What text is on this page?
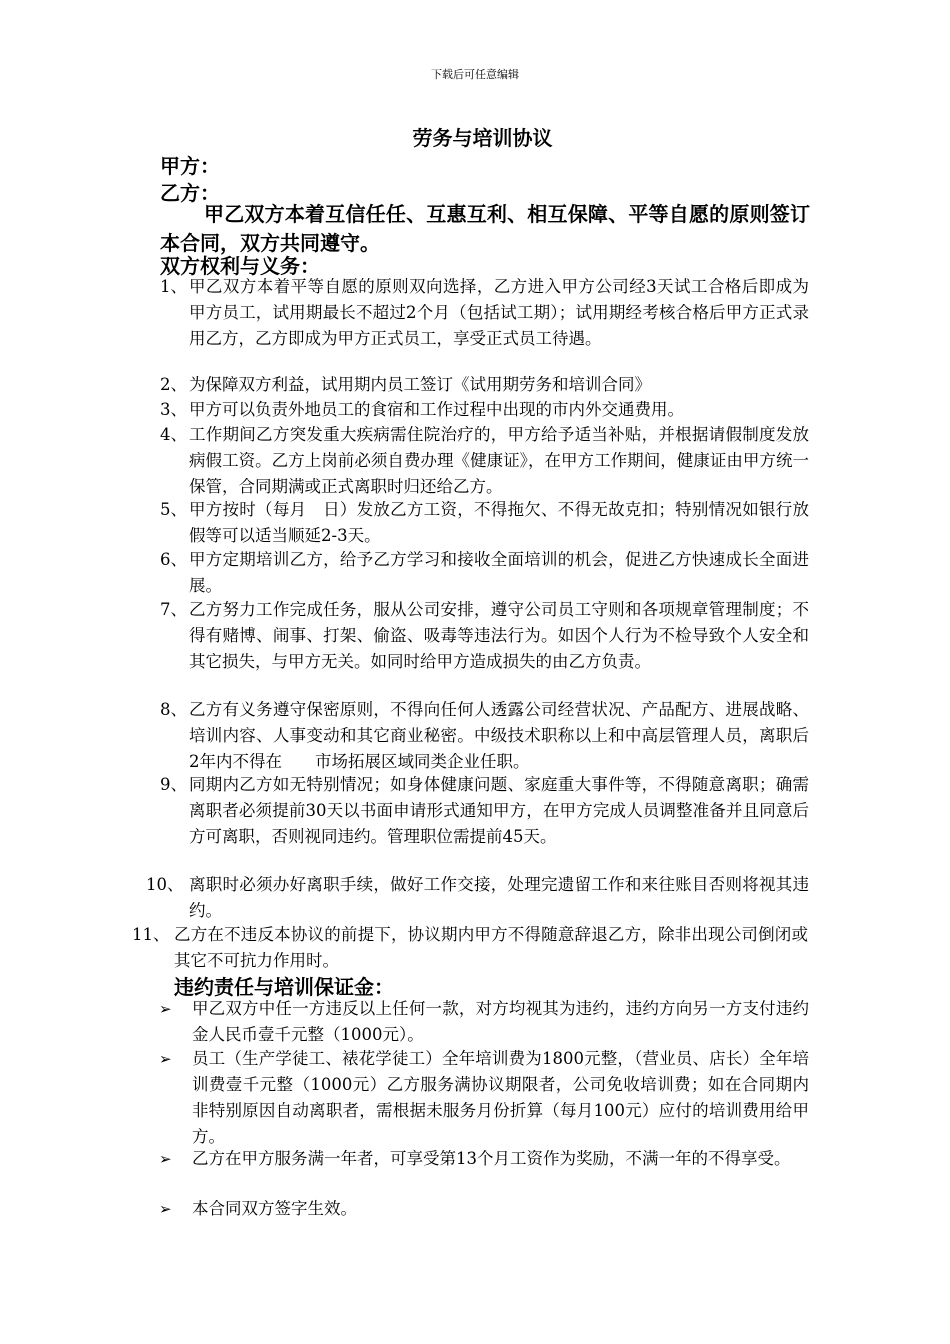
下载后可任意编辑
劳务与培训协议
甲方：
乙方：
甲乙双方本着互信任任、互惠互利、相互保障、平等自愿的原则签订本合同，双方共同遵守。
双方权利与义务：
1、 甲乙双方本着平等自愿的原则双向选择，乙方进入甲方公司经3天试工合格后即成为甲方员工，试用期最长不超过2个月（包括试工期）；试用期经考核合格后甲方正式录用乙方，乙方即成为甲方正式员工，享受正式员工待遇。
2、 为保障双方利益，试用期内员工签订《试用期劳务和培训合同》
3、 甲方可以负责外地员工的食宿和工作过程中出现的市内外交通费用。
4、 工作期间乙方突发重大疾病需住院治疗的，甲方给予适当补贴，并根据请假制度发放病假工资。乙方上岗前必须自费办理《健康证》，在甲方工作期间，健康证由甲方统一保管，合同期满或正式离职时归还给乙方。
5、 甲方按时（每月　日）发放乙方工资，不得拖欠、不得无故克扣；特别情况如银行放假等可以适当顺延2-3天。
6、 甲方定期培训乙方，给予乙方学习和接收全面培训的机会，促进乙方快速成长全面进展。
7、 乙方努力工作完成任务，服从公司安排，遵守公司员工守则和各项规章管理制度；不得有赌博、闹事、打架、偷盗、吸毒等违法行为。如因个人行为不检导致个人安全和其它损失，与甲方无关。如同时给甲方造成损失的由乙方负责。
8、 乙方有义务遵守保密原则，不得向任何人透露公司经营状况、产品配方、进展战略、培训内容、人事变动和其它商业秘密。中级技术职称以上和中高层管理人员，离职后2年内不得在　　市场拓展区域同类企业任职。
9、 同期内乙方如无特别情况；如身体健康问题、家庭重大事件等，不得随意离职；确需离职者必须提前30天以书面申请形式通知甲方，在甲方完成人员调整准备并且同意后方可离职，否则视同违约。管理职位需提前45天。
10、 离职时必须办好离职手续，做好工作交接，处理完遗留工作和来往账目否则将视其违约。
11、 乙方在不违反本协议的前提下，协议期内甲方不得随意辞退乙方，除非出现公司倒闭或其它不可抗力作用时。
违约责任与培训保证金：
➢ 甲乙双方中任一方违反以上任何一款，对方均视其为违约，违约方向另一方支付违约金人民币壹千元整（1000元）。
➢ 员工（生产学徒工、裱花学徒工）全年培训费为1800元整，（营业员、店长）全年培训费壹千元整（1000元）乙方服务满协议期限者，公司免收培训费；如在合同期内非特别原因自动离职者，需根据未服务月份折算（每月100元）应付的培训费用给甲方。
➢ 乙方在甲方服务满一年者，可享受第13个月工资作为奖励，不满一年的不得享受。
➢ 本合同双方签字生效。
